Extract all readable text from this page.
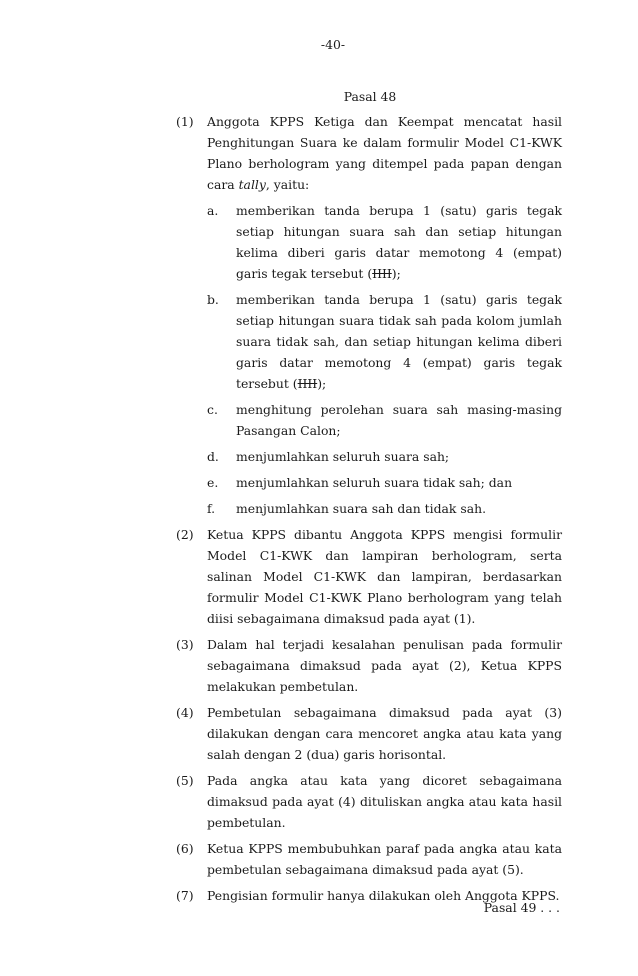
-40-
Pasal 48
(1)	Anggota KPPS Ketiga dan Keempat mencatat hasil Penghitungan Suara ke dalam formulir Model C1-KWK Plano berhologram yang ditempel pada papan dengan cara tally, yaitu:
a.	memberikan tanda berupa 1 (satu) garis tegak setiap hitungan suara sah dan setiap hitungan kelima diberi garis datar memotong 4 (empat) garis tegak tersebut (IIII);
b.	memberikan tanda berupa 1 (satu) garis tegak setiap hitungan suara tidak sah pada kolom jumlah suara tidak sah, dan setiap hitungan kelima diberi garis datar memotong 4 (empat) garis tegak tersebut (IIII);
c.	menghitung perolehan suara sah masing-masing Pasangan Calon;
d.	menjumlahkan seluruh suara sah;
e.	menjumlahkan seluruh suara tidak sah; dan
f.	menjumlahkan suara sah dan tidak sah.
(2)	Ketua KPPS dibantu Anggota KPPS mengisi formulir Model C1-KWK dan lampiran berhologram, serta salinan Model C1-KWK dan lampiran, berdasarkan formulir Model C1-KWK Plano berhologram yang telah diisi sebagaimana dimaksud pada ayat (1).
(3)	Dalam hal terjadi kesalahan penulisan pada formulir sebagaimana dimaksud pada ayat (2), Ketua KPPS melakukan pembetulan.
(4)	Pembetulan sebagaimana dimaksud pada ayat (3) dilakukan dengan cara mencoret angka atau kata yang salah dengan 2 (dua) garis horisontal.
(5)	Pada angka atau kata yang dicoret sebagaimana dimaksud pada ayat (4) dituliskan angka atau kata hasil pembetulan.
(6)	Ketua KPPS membubuhkan paraf pada angka atau kata pembetulan sebagaimana dimaksud pada ayat (5).
(7)	Pengisian formulir hanya dilakukan oleh Anggota KPPS.
Pasal 49 . . .
